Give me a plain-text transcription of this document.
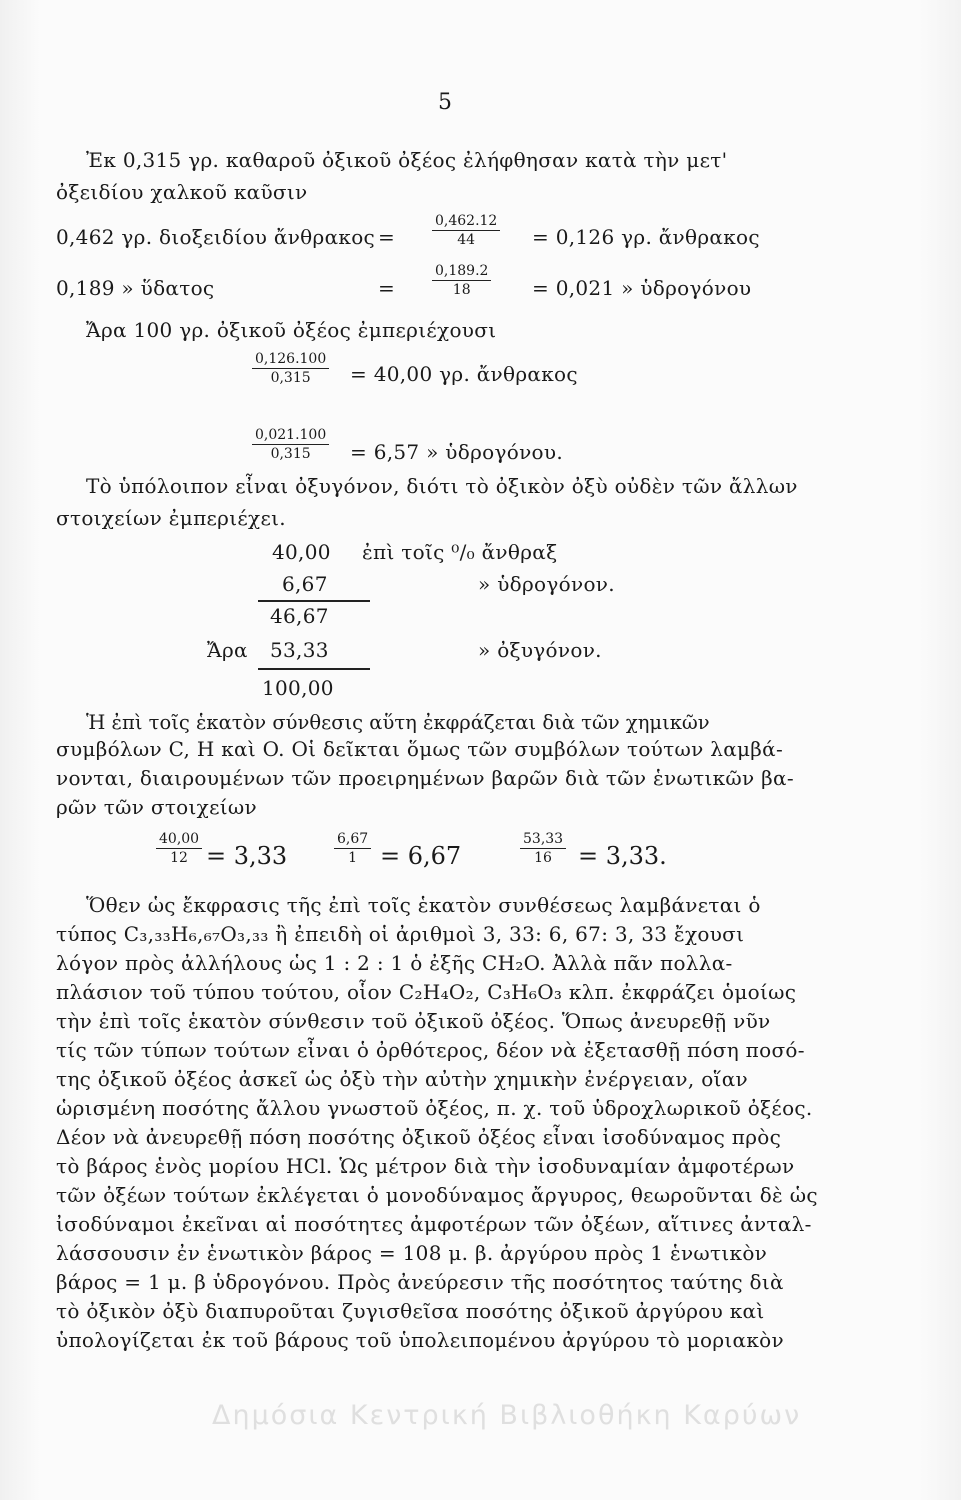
5
Ἐκ 0,315 γρ. καθαροῦ ὀξικοῦ ὀξέος ἐλήφθησαν κατὰ τὴν μετ'
ὀξειδίου χαλκοῦ καῦσιν
0,462 γρ. διοξειδίου ἄνθρακος =	$\frac{0,462.12}{44} = 0,126$ γρ. ἄνθρακος
0,189 » ὕδατος	=	$\frac{0,189.2}{18} = 0,021$ » ὑδρογόνου
Ἄρα 100 γρ. ὀξικοῦ ὀξέος ἐμπεριέχουσι
$\frac{0,126.100}{0,315} = 40,00$ γρ. ἄνθρακος
$\frac{0,021.100}{0,315} = 6,57$ » ὑδρογόνου.
Τὸ ὑπόλοιπον εἶναι ὀξυγόνον, διότι τὸ ὀξικὸν ὀξὺ οὐδὲν τῶν ἄλλων
στοιχείων ἐμπεριέχει.
40,00 ἐπὶ τοῖς ⁰/₀ ἄνθραξ
6,67	» ὑδρογόνον.
46,67
Ἄρα 53,33	» ὀξυγόνον.
100,00
Ἡ ἐπὶ τοῖς ἑκατὸν σύνθεσις αὕτη ἐκφράζεται διὰ τῶν χημικῶν
συμβόλων C, H καὶ O. Οἱ δεῖκται ὅμως τῶν συμβόλων τούτων λαμβά-
νονται, διαιρουμένων τῶν προειρημένων βαρῶν διὰ τῶν ἑνωτικῶν βα-
ρῶν τῶν στοιχείων
$\frac{40,00}{12} = 3,33$	$\frac{6,67}{1} = 6,67$	$\frac{53,33}{16} = 3,33$.
Ὅθεν ὡς ἔκφρασις τῆς ἐπὶ τοῖς ἑκατὸν συνθέσεως λαμβάνεται ὁ
τύπος C₃,₃₃H₆,₆₇O₃,₃₃ ἢ ἐπειδὴ οἱ ἀριθμοὶ 3, 33: 6, 67: 3, 33 ἔχουσι
λόγον πρὸς ἀλλήλους ὡς 1 : 2 : 1 ὁ ἐξῆς CH₂O. Ἀλλὰ πᾶν πολλα-
πλάσιον τοῦ τύπου τούτου, οἷον C₂H₄O₂, C₃H₆O₃ κλπ. ἐκφράζει ὁμοίως
τὴν ἐπὶ τοῖς ἑκατὸν σύνθεσιν τοῦ ὀξικοῦ ὀξέος. Ὅπως ἀνευρεθῇ νῦν
τίς τῶν τύπων τούτων εἶναι ὁ ὀρθότερος, δέον νὰ ἐξετασθῇ πόση ποσό-
της ὀξικοῦ ὀξέος ἀσκεῖ ὡς ὀξὺ τὴν αὐτὴν χημικὴν ἐνέργειαν, οἵαν
ὡρισμένη ποσότης ἄλλου γνωστοῦ ὀξέος, π. χ. τοῦ ὑδροχλωρικοῦ ὀξέος.
Δέον νὰ ἀνευρεθῇ πόση ποσότης ὀξικοῦ ὀξέος εἶναι ἰσοδύναμος πρὸς
τὸ βάρος ἑνὸς μορίου HCl. Ὡς μέτρον διὰ τὴν ἰσοδυναμίαν ἀμφοτέρων
τῶν ὀξέων τούτων ἐκλέγεται ὁ μονοδύναμος ἄργυρος, θεωροῦνται δὲ ὡς
ἰσοδύναμοι ἐκεῖναι αἱ ποσότητες ἀμφοτέρων τῶν ὀξέων, αἵτινες ἀνταλ-
λάσσουσιν ἐν ἑνωτικὸν βάρος = 108 μ. β. ἀργύρου πρὸς 1 ἑνωτικὸν
βάρος = 1 μ. β ὑδρογόνου. Πρὸς ἀνεύρεσιν τῆς ποσότητος ταύτης διὰ
τὸ ὀξικὸν ὀξὺ διαπυροῦται ζυγισθεῖσα ποσότης ὀξικοῦ ἀργύρου καὶ
ὑπολογίζεται ἐκ τοῦ βάρους τοῦ ὑπολειπομένου ἀργύρου τὸ μοριακὸν
Δημόσια Κεντρική Βιβλιοθήκη Καρύων
